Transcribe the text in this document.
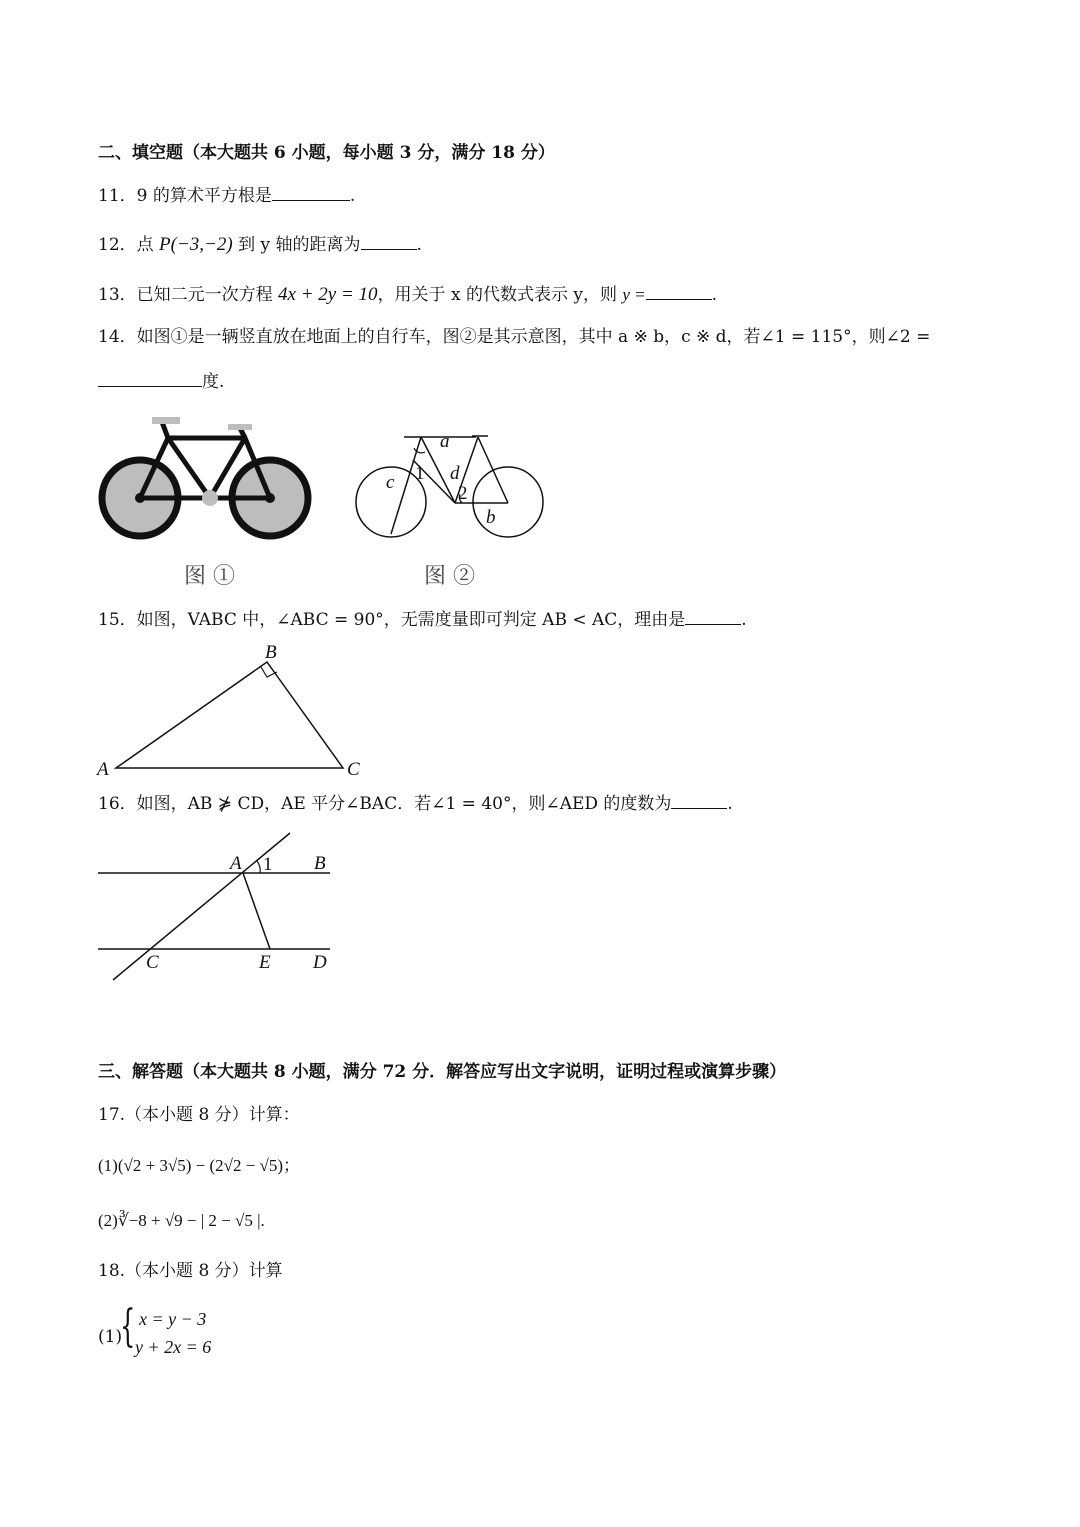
二、填空题（本大题共 6 小题，每小题 3 分，满分 18 分）
11．9 的算术平方根是	.
12．点 P(−3,−2) 到 y 轴的距离为	.
13．已知二元一次方程 4x + 2y = 10，用关于 x 的代数式表示 y，则 y =	.
14．如图①是一辆竖直放在地面上的自行车，图②是其示意图，其中 a ※ b，c ※ d，若∠1 = 115°，则∠2 =
度.
a
b
c	d
1
2
A
B
C
A	B
C	D
E
1
图 ①	图 ②
15．如图，VABC 中，∠ABC = 90°，无需度量即可判定 AB < AC，理由是	.
16．如图，AB ⋡ CD，AE 平分∠BAC．若∠1 = 40°，则∠AED 的度数为	.
三、解答题（本大题共 8 小题，满分 72 分．解答应写出文字说明，证明过程或演算步骤）
17.（本小题 8 分）计算：
(1)(√2 + 3√5) − (2√2 − √5)；
(2)∛−8 + √9 − | 2 − √5 |.
18.（本小题 8 分）计算
(1)
{ x = y − 3
y + 2x = 6
